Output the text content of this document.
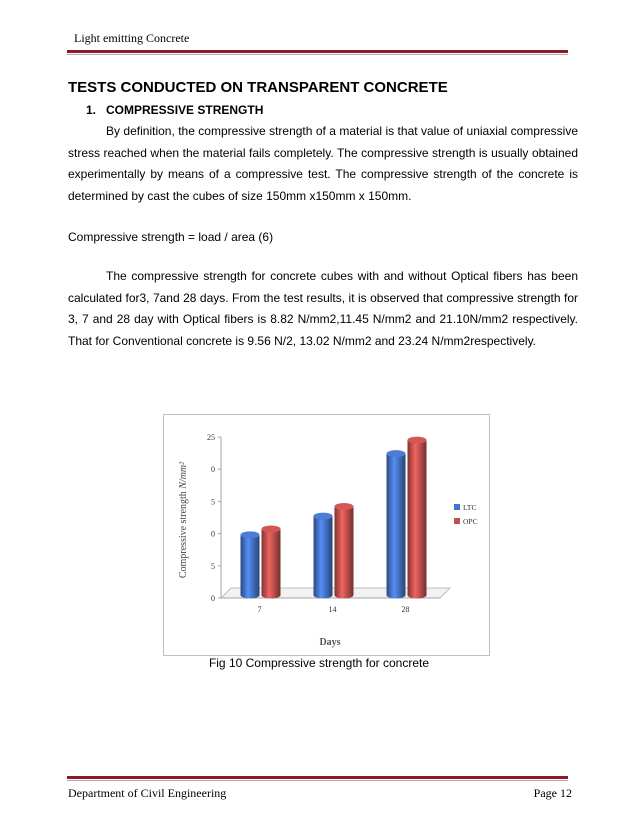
Light emitting Concrete
TESTS CONDUCTED ON TRANSPARENT CONCRETE
1.   COMPRESSIVE STRENGTH

By definition, the compressive strength of a material is that value of uniaxial compressive stress reached when the material fails completely. The compressive strength is usually obtained experimentally by means of a compressive test. The compressive strength of the concrete is determined by cast the cubes of size 150mm x150mm x 150mm.

Compressive strength = load / area (6)

The compressive strength for concrete cubes with and without Optical fibers has been calculated for3, 7and 28 days. From the test results, it is observed that compressive strength for 3, 7 and 28 day with Optical fibers is 8.82 N/mm2,11.45 N/mm2 and 21.10N/mm2 respectively. That for Conventional concrete is 9.56 N/2, 13.02 N/mm2 and 23.24 N/mm2respectively.

25
0
5
0
5
0
7	14	28
LTC
OPC
Days
Compressive strength N/mm²
Fig 10 Compressive strength for concrete
Department of Civil Engineering	Page 12
